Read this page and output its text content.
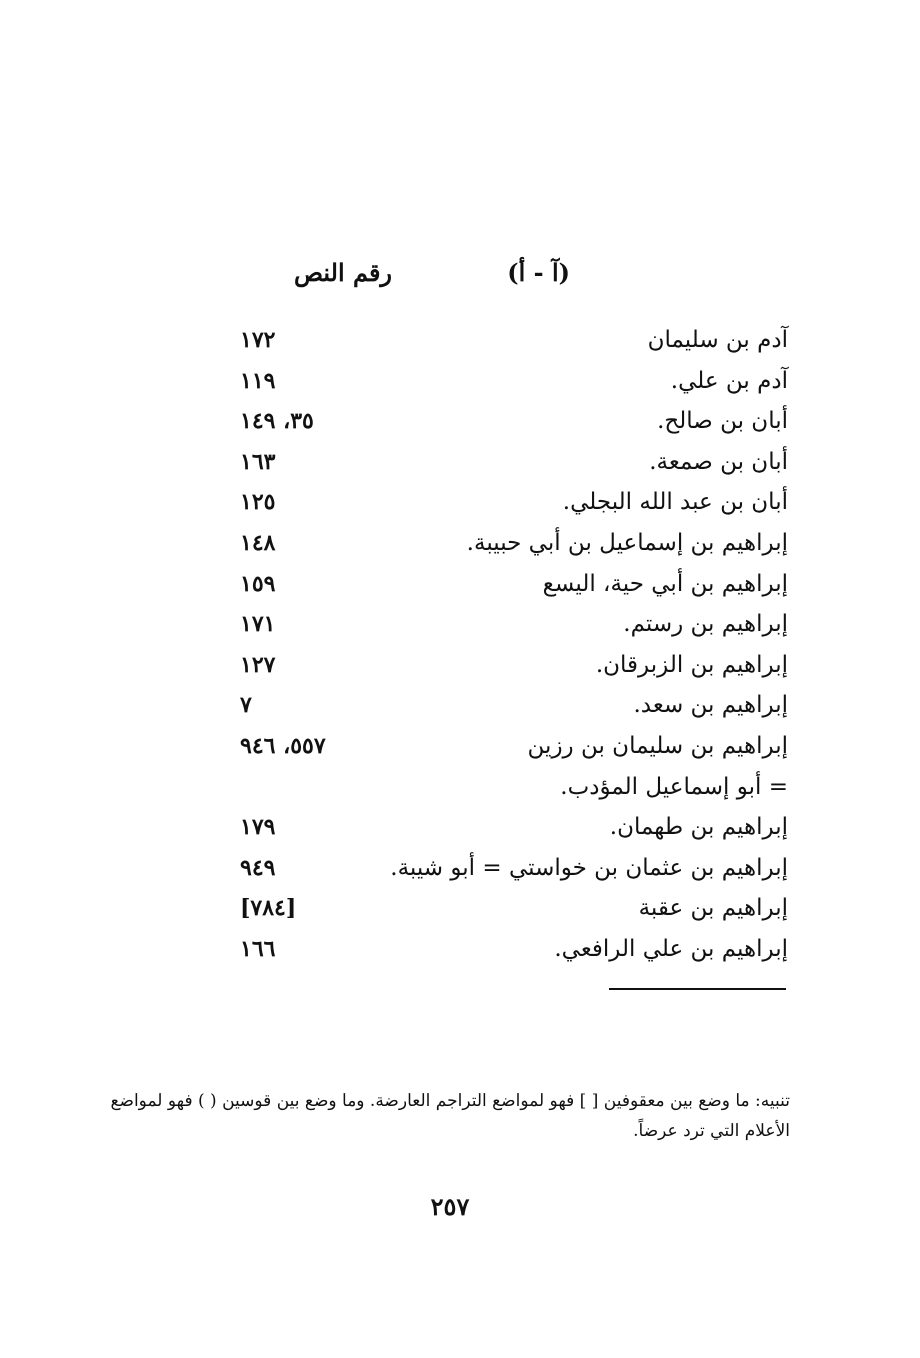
(آ - أ)
رقم النص
آدم بن سليمان
١٧٢
آدم بن علي.
١١٩
أبان بن صالح.
٣٥، ١٤٩
أبان بن صمعة.
١٦٣
أبان بن عبد الله البجلي.
١٢٥
إبراهيم بن إسماعيل بن أبي حبيبة.
١٤٨
إبراهيم بن أبي حية، اليسع
١٥٩
إبراهيم بن رستم.
١٧١
إبراهيم بن الزبرقان.
١٢٧
إبراهيم بن سعد.
٧
إبراهيم بن سليمان بن رزين
٥٥٧، ٩٤٦
= أبو إسماعيل المؤدب.
إبراهيم بن طهمان.
١٧٩
إبراهيم بن عثمان بن خواستي = أبو شيبة.
٩٤٩
إبراهيم بن عقبة
[٧٨٤]
إبراهيم بن علي الرافعي.
١٦٦
تنبيه: ما وضع بين معقوفين [ ] فهو لمواضع التراجم العارضة. وما وضع بين قوسين ( ) فهو لمواضع الأعلام التي ترد عرضاً.
٢٥٧
